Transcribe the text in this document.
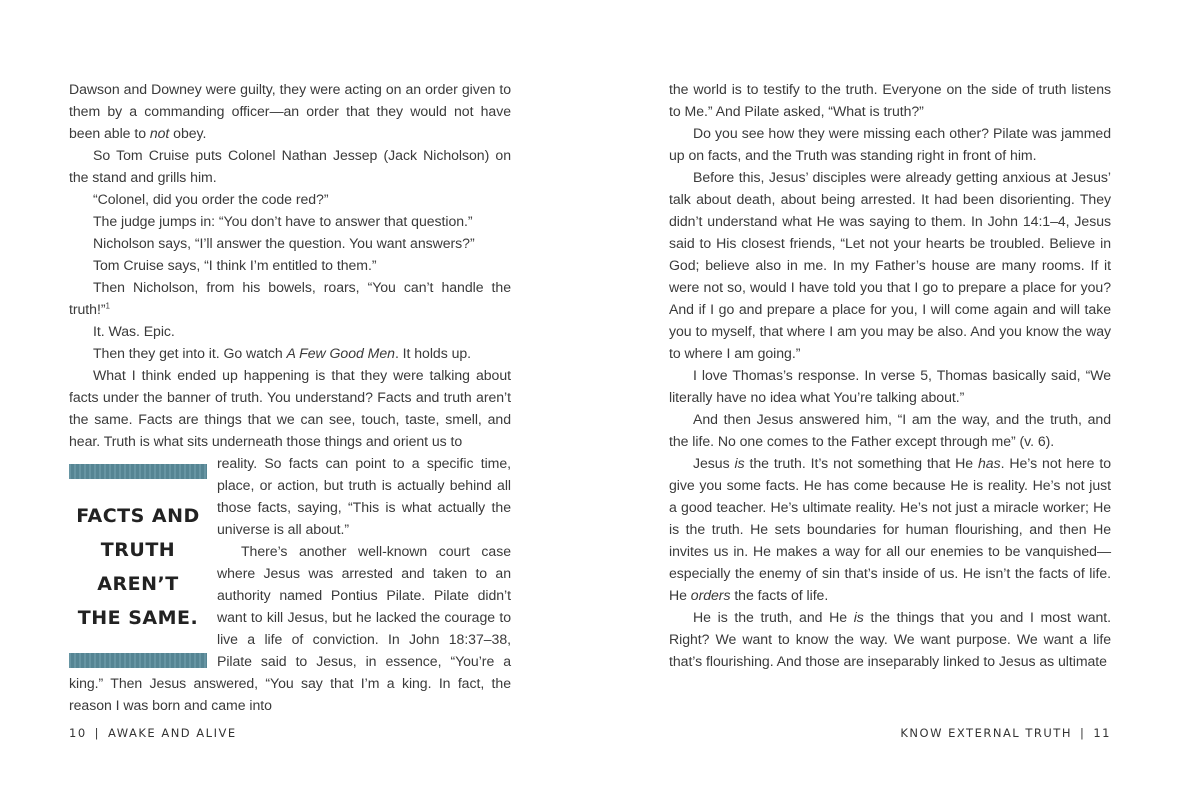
Dawson and Downey were guilty, they were acting on an order given to them by a commanding officer—an order that they would not have been able to not obey.

So Tom Cruise puts Colonel Nathan Jessep (Jack Nicholson) on the stand and grills him.

“Colonel, did you order the code red?”

The judge jumps in: “You don’t have to answer that question.”

Nicholson says, “I’ll answer the question. You want answers?”

Tom Cruise says, “I think I’m entitled to them.”

Then Nicholson, from his bowels, roars, “You can’t handle the truth!”$^1$

It. Was. Epic.

Then they get into it. Go watch A Few Good Men. It holds up.

What I think ended up happening is that they were talking about facts under the banner of truth. You understand? Facts and truth aren’t the same. Facts are things that we can see, touch, taste, smell, and hear. Truth is what sits underneath those things and orient us to

FACTS AND
TRUTH AREN’T
THE SAME.

reality. So facts can point to a specific time, place, or action, but truth is actually behind all those facts, saying, “This is what actually the universe is all about.”

There’s another well-known court case where Jesus was arrested and taken to an authority named Pontius Pilate. Pilate didn’t want to kill Jesus, but he lacked the courage to live a life of conviction. In John 18:37–38, Pilate said to Jesus, in essence, “You’re a king.” Then Jesus answered, “You say that I’m a king. In fact, the reason I was born and came into

the world is to testify to the truth. Everyone on the side of truth listens to Me.” And Pilate asked, “What is truth?”

Do you see how they were missing each other? Pilate was jammed up on facts, and the Truth was standing right in front of him.

Before this, Jesus’ disciples were already getting anxious at Jesus’ talk about death, about being arrested. It had been disorienting. They didn’t understand what He was saying to them. In John 14:1–4, Jesus said to His closest friends, “Let not your hearts be troubled. Believe in God; believe also in me. In my Father’s house are many rooms. If it were not so, would I have told you that I go to prepare a place for you? And if I go and prepare a place for you, I will come again and will take you to myself, that where I am you may be also. And you know the way to where I am going.”

I love Thomas’s response. In verse 5, Thomas basically said, “We literally have no idea what You’re talking about.”

And then Jesus answered him, “I am the way, and the truth, and the life. No one comes to the Father except through me” (v. 6).

Jesus is the truth. It’s not something that He has. He’s not here to give you some facts. He has come because He is reality. He’s not just a good teacher. He’s ultimate reality. He’s not just a miracle worker; He is the truth. He sets boundaries for human flourishing, and then He invites us in. He makes a way for all our enemies to be vanquished—especially the enemy of sin that’s inside of us. He isn’t the facts of life. He orders the facts of life.

He is the truth, and He is the things that you and I most want. Right? We want to know the way. We want purpose. We want a life that’s flourishing. And those are inseparably linked to Jesus as ultimate

10 | AWAKE AND ALIVE	KNOW EXTERNAL TRUTH | 11
